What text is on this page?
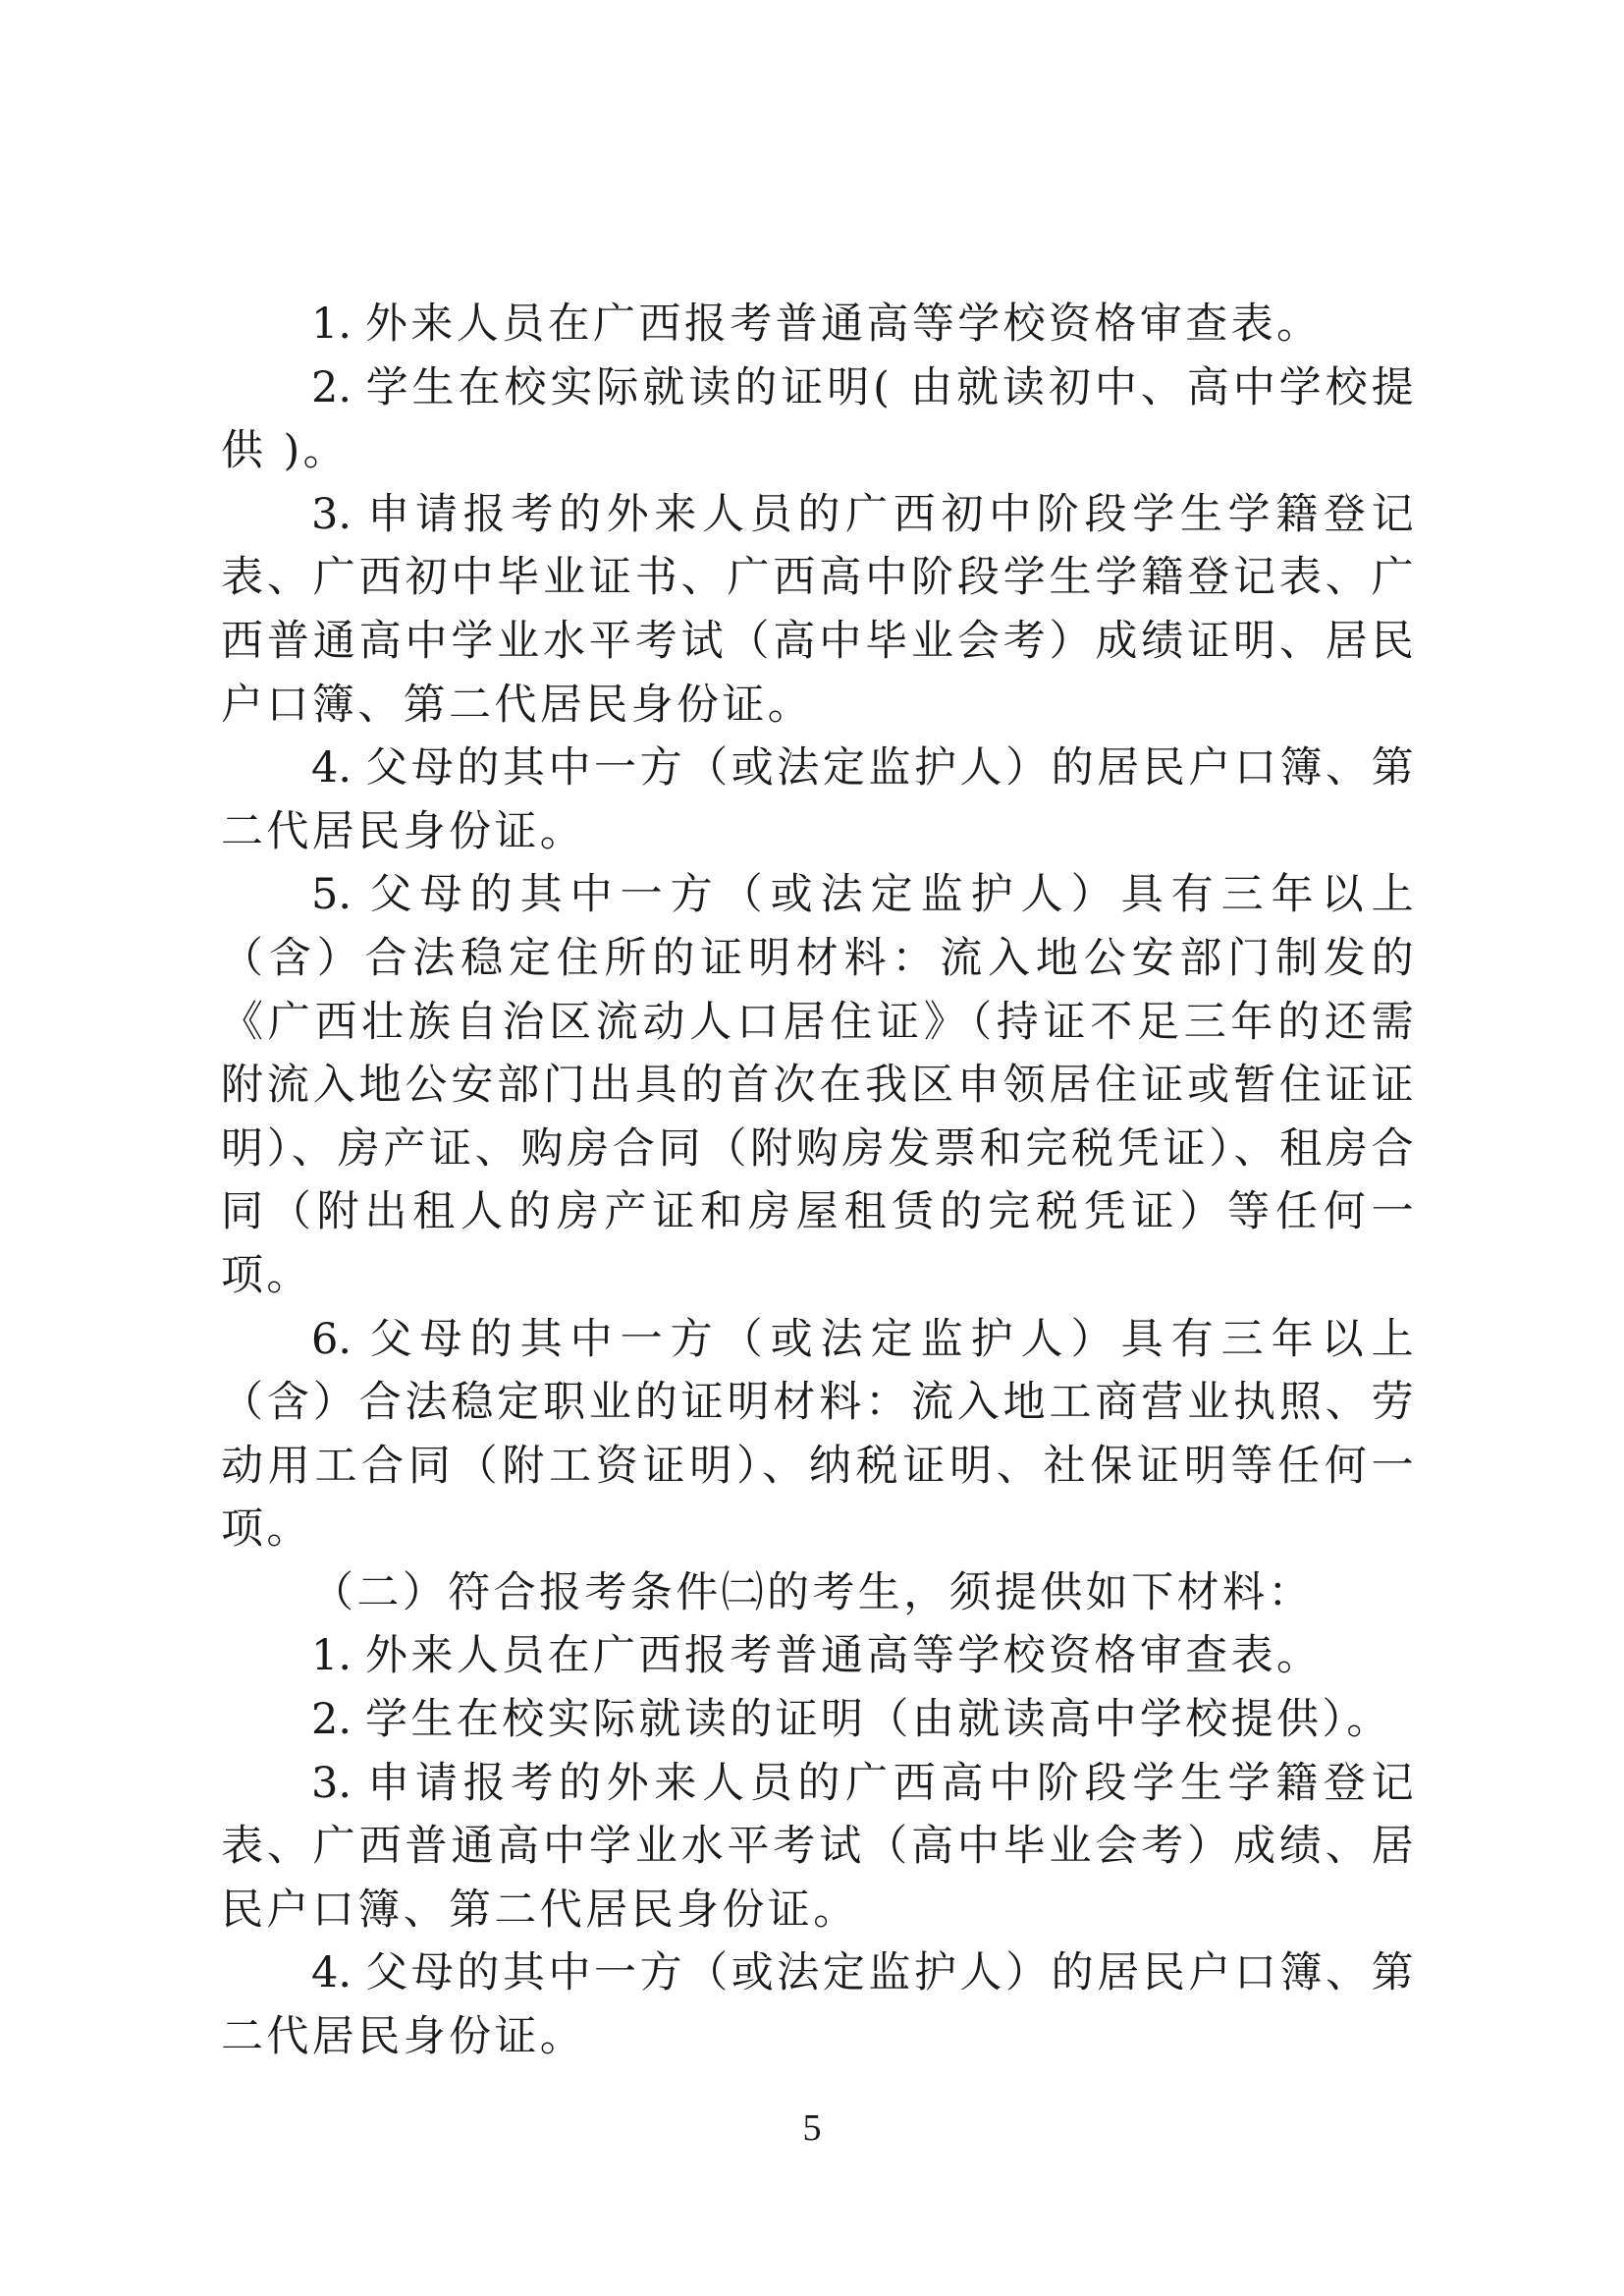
1. 外来人员在广西报考普通高等学校资格审查表。

2. 学生在校实际就读的证明( 由就读初中、高中学校提供 )。

3. 申请报考的外来人员的广西初中阶段学生学籍登记表、广西初中毕业证书、广西高中阶段学生学籍登记表、广西普通高中学业水平考试（高中毕业会考）成绩证明、居民户口簿、第二代居民身份证。

4. 父母的其中一方（或法定监护人）的居民户口簿、第二代居民身份证。

5. 父母的其中一方（或法定监护人）具有三年以上（含）合法稳定住所的证明材料：流入地公安部门制发的《广西壮族自治区流动人口居住证》（持证不足三年的还需附流入地公安部门出具的首次在我区申领居住证或暂住证证明）、房产证、购房合同（附购房发票和完税凭证）、租房合同（附出租人的房产证和房屋租赁的完税凭证）等任何一项。

6. 父母的其中一方（或法定监护人）具有三年以上（含）合法稳定职业的证明材料：流入地工商营业执照、劳动用工合同（附工资证明）、纳税证明、社保证明等任何一项。

（二）符合报考条件㈡的考生，须提供如下材料：

1. 外来人员在广西报考普通高等学校资格审查表。

2. 学生在校实际就读的证明（由就读高中学校提供）。

3. 申请报考的外来人员的广西高中阶段学生学籍登记表、广西普通高中学业水平考试（高中毕业会考）成绩、居民户口簿、第二代居民身份证。

4. 父母的其中一方（或法定监护人）的居民户口簿、第二代居民身份证。

5
